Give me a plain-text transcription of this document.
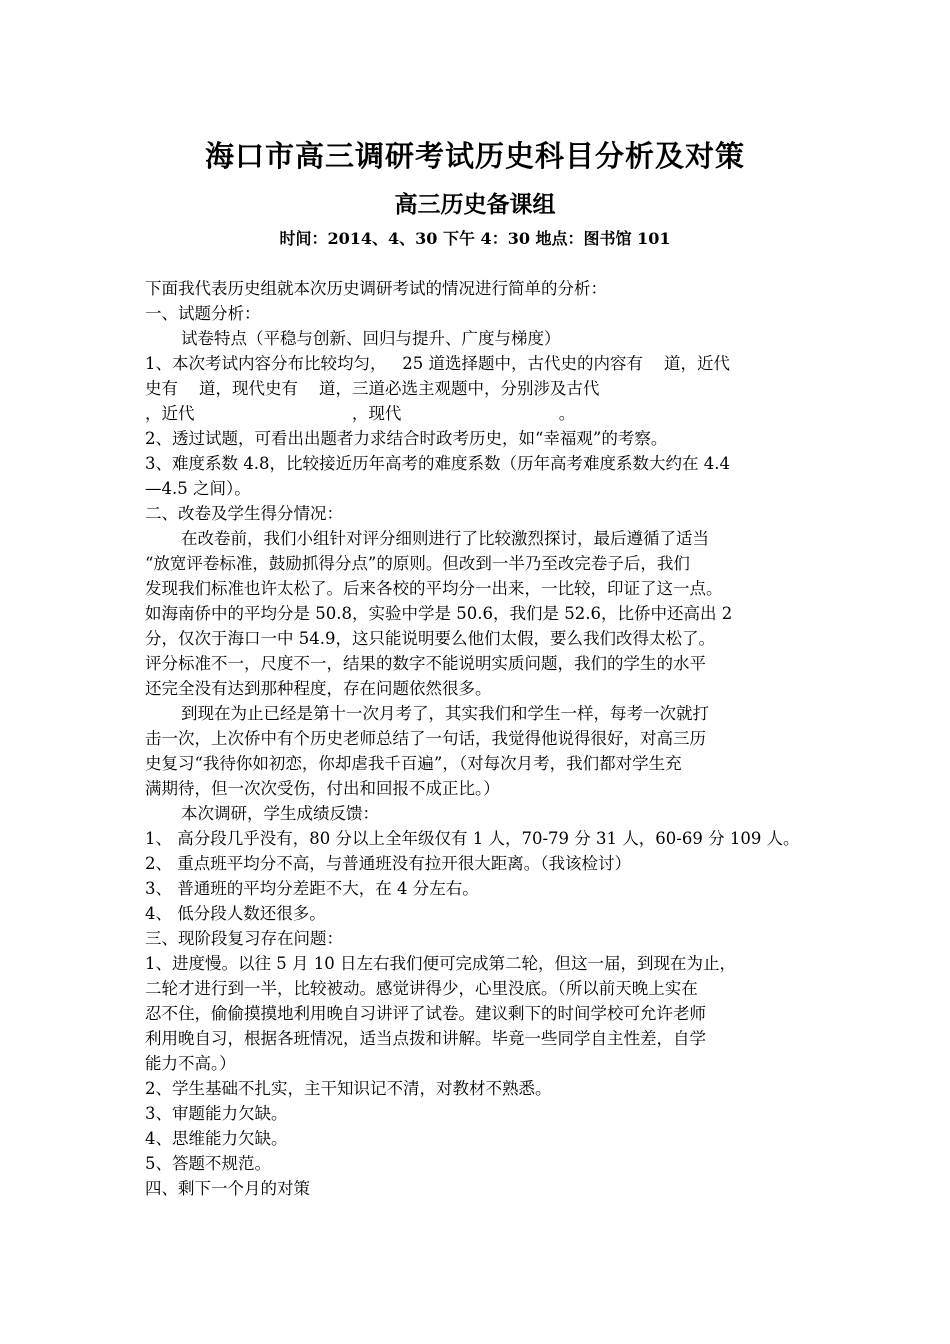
海口市高三调研考试历史科目分析及对策
高三历史备课组
时间：2014、4、30 下午 4：30 地点：图书馆 101

下面我代表历史组就本次历史调研考试的情况进行简单的分析：

一、试题分析：

试卷特点（平稳与创新、回归与提升、广度与梯度）

1、本次考试内容分布比较均匀，   25 道选择题中，古代史的内容有    道，近代

史有    道，现代史有    道，三道必选主观题中，分别涉及古代

，近代                              ，现代                              。

2、透过试题，可看出出题者力求结合时政考历史，如“幸福观”的考察。

3、难度系数 4.8，比较接近历年高考的难度系数（历年高考难度系数大约在 4.4

—4.5 之间）。

二、改卷及学生得分情况：

在改卷前，我们小组针对评分细则进行了比较激烈探讨，最后遵循了适当

“放宽评卷标准，鼓励抓得分点”的原则。但改到一半乃至改完卷子后，我们

发现我们标准也许太松了。后来各校的平均分一出来，一比较，印证了这一点。

如海南侨中的平均分是 50.8，实验中学是 50.6，我们是 52.6，比侨中还高出 2

分，仅次于海口一中 54.9，这只能说明要么他们太假，要么我们改得太松了。

评分标准不一，尺度不一，结果的数字不能说明实质问题，我们的学生的水平

还完全没有达到那种程度，存在问题依然很多。

到现在为止已经是第十一次月考了，其实我们和学生一样，每考一次就打

击一次，上次侨中有个历史老师总结了一句话，我觉得他说得很好，对高三历

史复习“我待你如初恋，你却虐我千百遍”，（对每次月考，我们都对学生充

满期待，但一次次受伤，付出和回报不成正比。）

本次调研，学生成绩反馈：

1、 高分段几乎没有，80 分以上全年级仅有 1 人，70-79 分 31 人，60-69 分 109 人。

2、 重点班平均分不高，与普通班没有拉开很大距离。（我该检讨）

3、 普通班的平均分差距不大，在 4 分左右。

4、 低分段人数还很多。

三、现阶段复习存在问题：

1、进度慢。以往 5 月 10 日左右我们便可完成第二轮，但这一届，到现在为止，

二轮才进行到一半，比较被动。感觉讲得少，心里没底。（所以前天晚上实在

忍不住，偷偷摸摸地利用晚自习讲评了试卷。建议剩下的时间学校可允许老师

利用晚自习，根据各班情况，适当点拨和讲解。毕竟一些同学自主性差，自学

能力不高。）

2、学生基础不扎实，主干知识记不清，对教材不熟悉。

3、审题能力欠缺。

4、思维能力欠缺。

5、答题不规范。

四、剩下一个月的对策
